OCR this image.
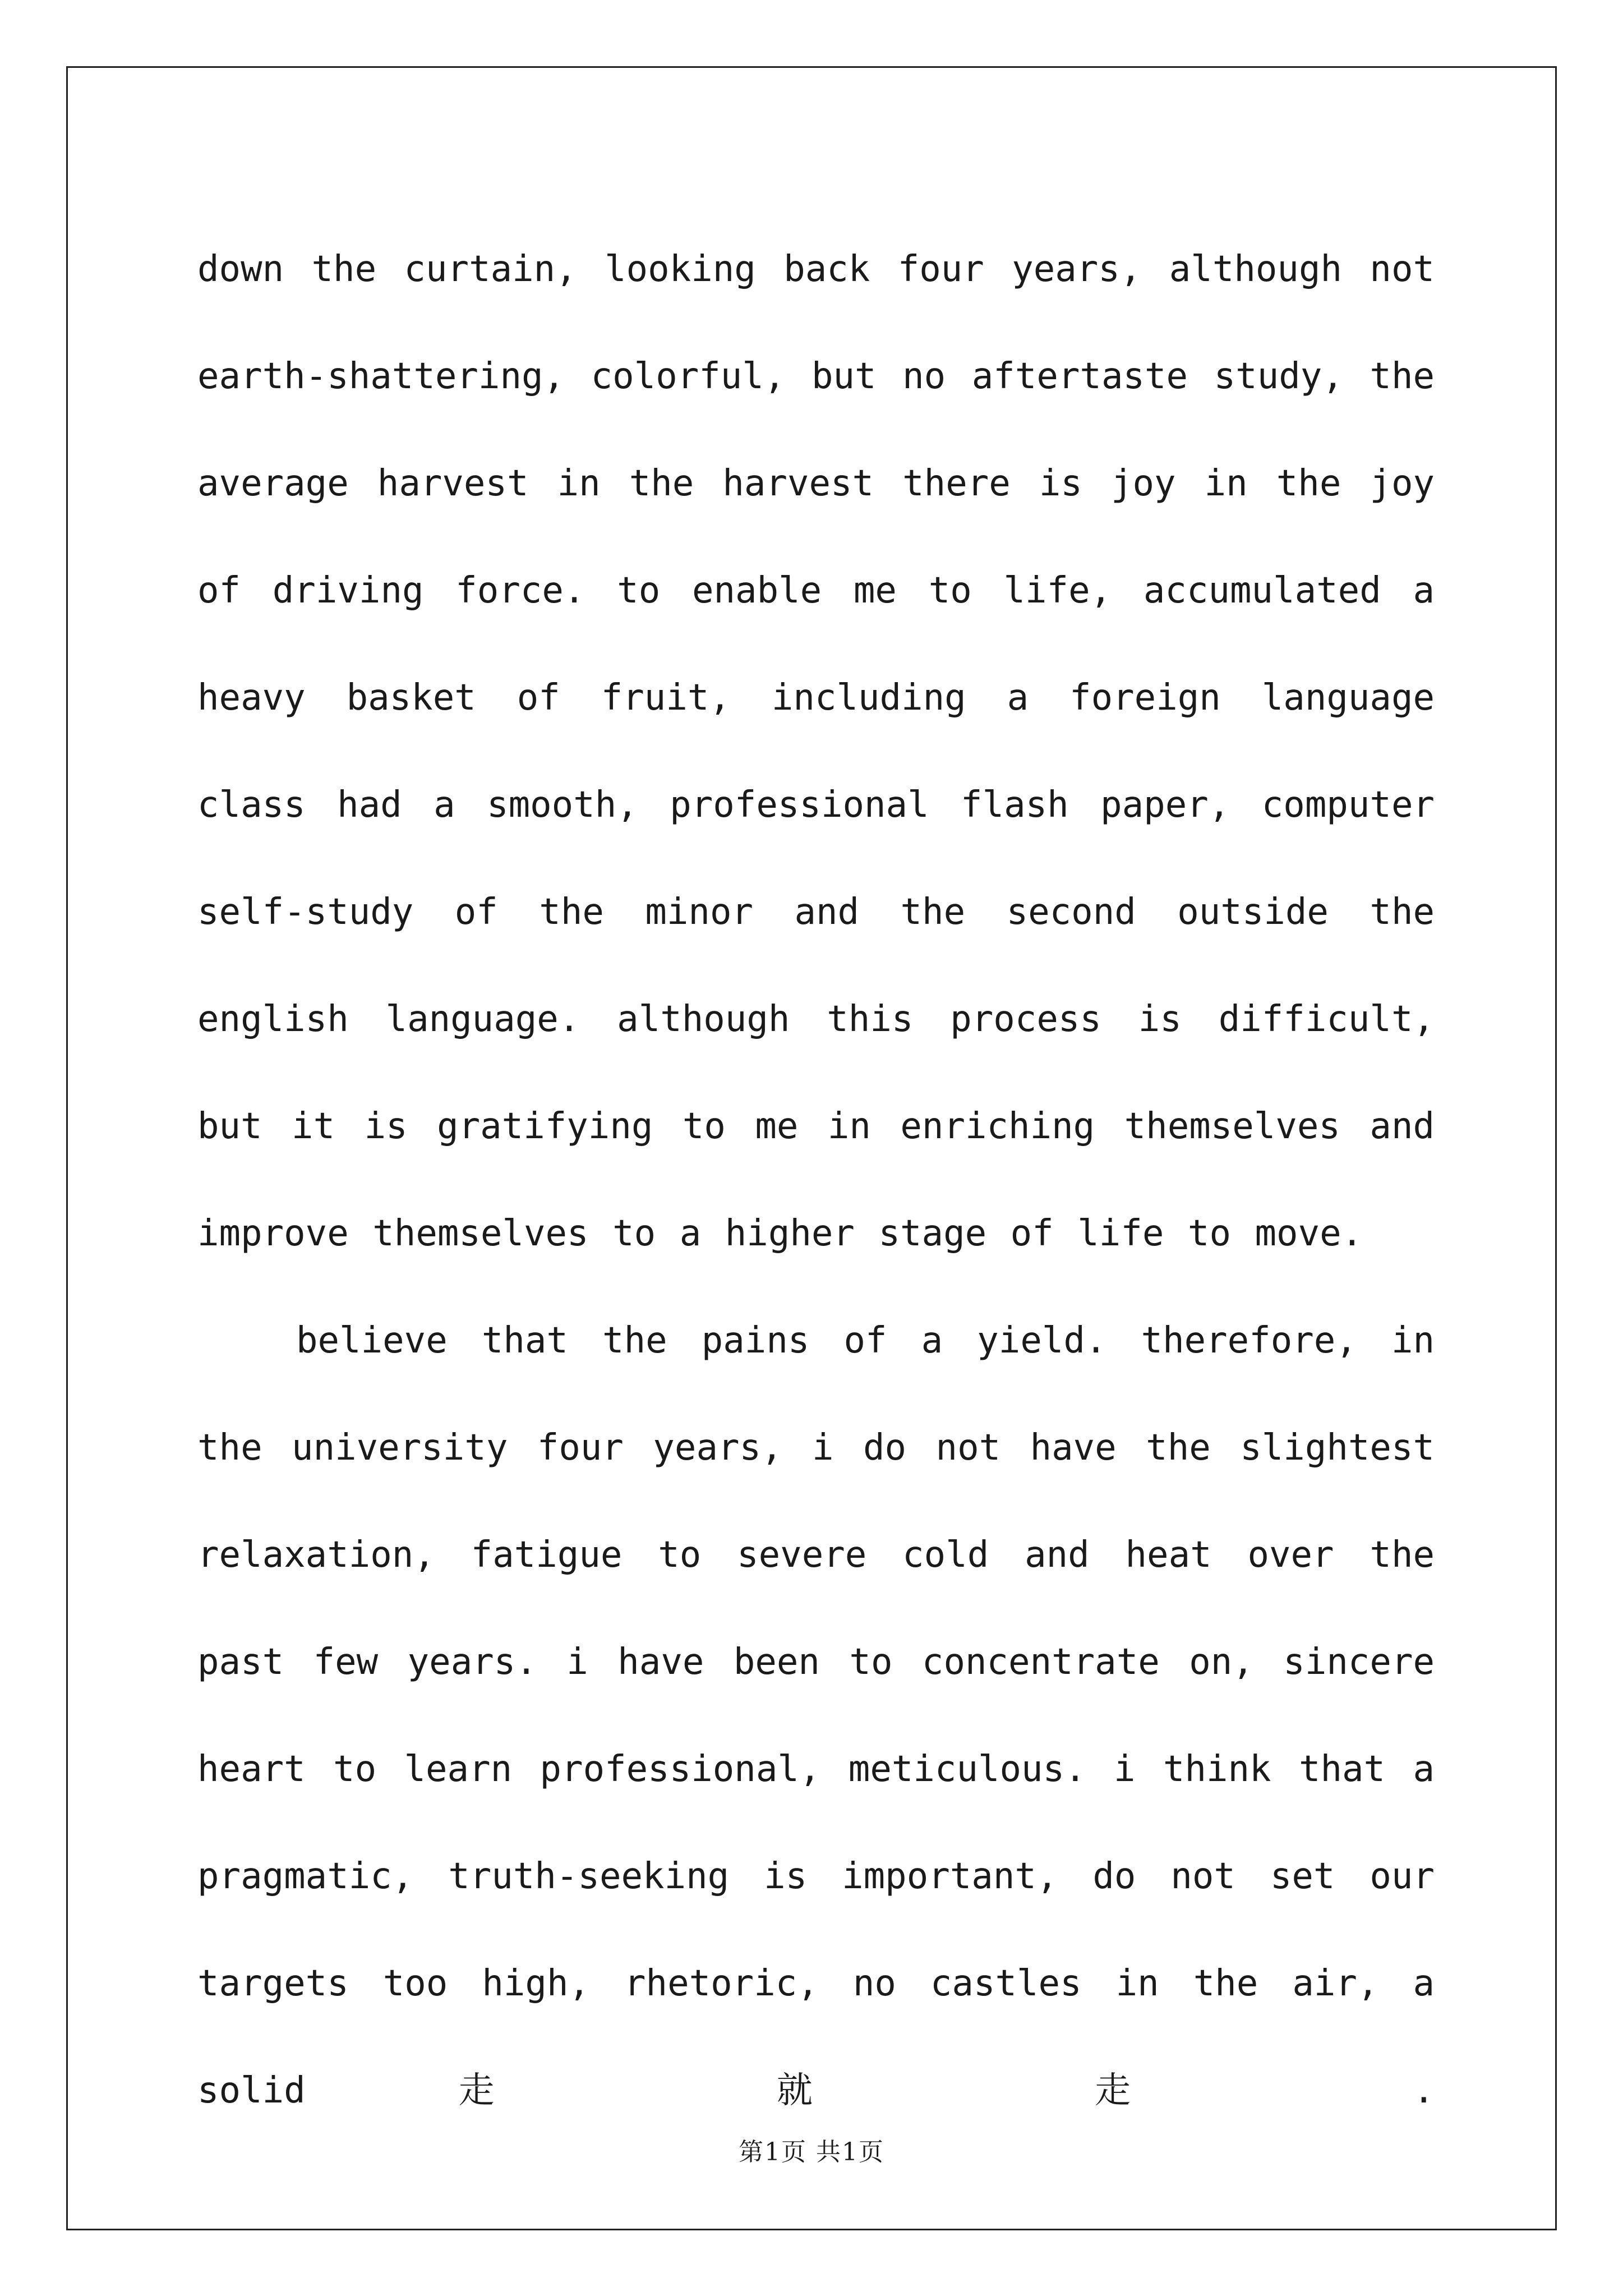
down the curtain, looking back four years, although not earth-shattering, colorful, but no aftertaste study, the average harvest in the harvest there is joy in the joy of driving force. to enable me to life, accumulated a heavy basket of fruit, including a foreign language class had a smooth, professional flash paper, computer self-study of the minor and the second outside the english language. although this process is difficult, but it is gratifying to me in enriching themselves and improve themselves to a higher stage of life to move.

believe that the pains of a yield. therefore, in the university four years, i do not have the slightest relaxation, fatigue to severe cold and heat over the past few years. i have been to concentrate on, sincere heart to learn professional, meticulous. i think that a pragmatic, truth-seeking is important, do not set our targets too high, rhetoric, no castles in the air, a solid 走 就 走 .

第1页 共1页
